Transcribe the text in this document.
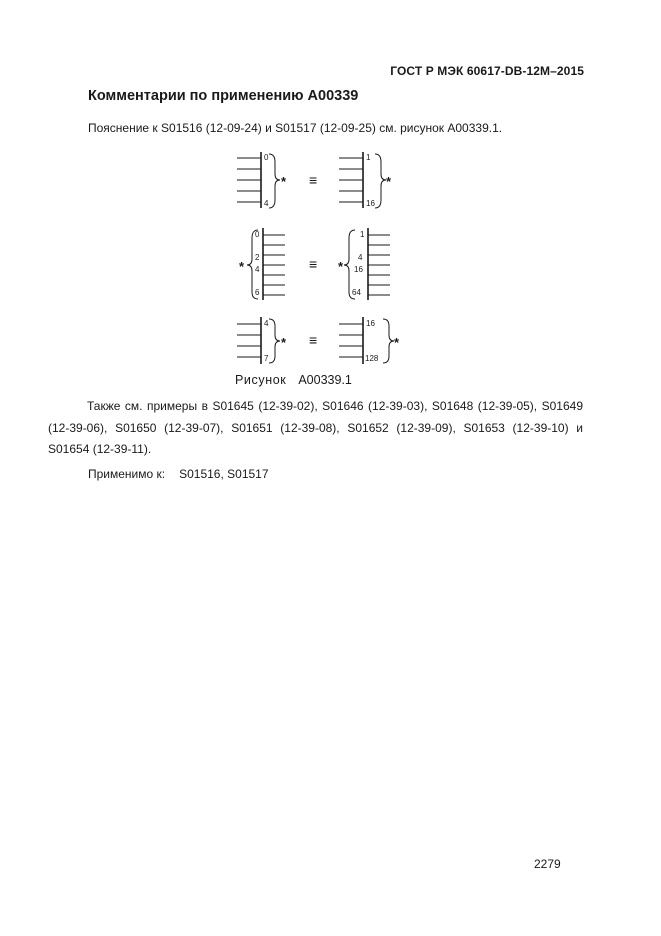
ГОСТ Р МЭК 60617-DB-12M–2015
Комментарии по применению A00339
Пояснение к S01516 (12-09-24) и S01517 (12-09-25) см. рисунок A00339.1.
0
4
* ≡
1
16
*
0
2
4
6
*	≡
1
4
16
64
*
4
7
* ≡
16
128
*
Рисунок A00339.1
Также см. примеры в S01645 (12-39-02), S01646 (12-39-03), S01648 (12-39-05), S01649 (12-39-06), S01650 (12-39-07), S01651 (12-39-08), S01652 (12-39-09), S01653 (12-39-10) и S01654 (12-39-11).
Применимо к: S01516, S01517
2279
